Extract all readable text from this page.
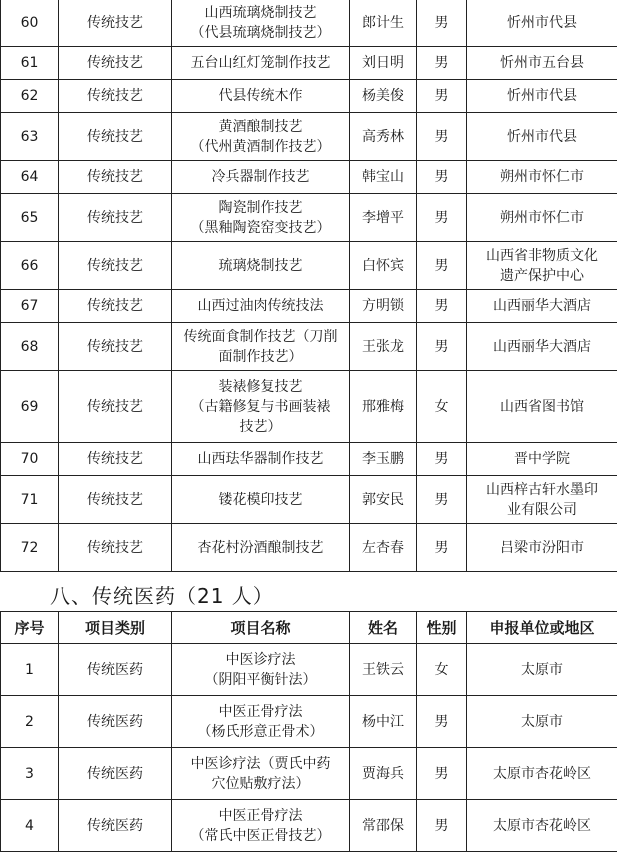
60	传统技艺	山西琉璃烧制技艺
（代县琉璃烧制技艺）	郎计生	男	忻州市代县

61	传统技艺	五台山红灯笼制作技艺	刘日明	男	忻州市五台县

62	传统技艺	代县传统木作	杨美俊	男	忻州市代县

63	传统技艺	黄酒酿制技艺
（代州黄酒制作技艺）	高秀林	男	忻州市代县

64	传统技艺	冷兵器制作技艺	韩宝山	男	朔州市怀仁市

65	传统技艺	陶瓷制作技艺
（黑釉陶瓷窑变技艺）	李增平	男	朔州市怀仁市

66	传统技艺	琉璃烧制技艺	白怀宾	男	山西省非物质文化
遗产保护中心

67	传统技艺	山西过油肉传统技法	方明锁	男	山西丽华大酒店

68	传统技艺	传统面食制作技艺（刀削
面制作技艺）	王张龙	男	山西丽华大酒店

69	传统技艺	装裱修复技艺
（古籍修复与书画装裱
技艺）	邢雅梅	女	山西省图书馆

70	传统技艺	山西珐华器制作技艺	李玉鹏	男	晋中学院

71	传统技艺	镂花模印技艺	郭安民	男	山西梓古轩水墨印
业有限公司

72	传统技艺	杏花村汾酒酿制技艺	左杏春	男	吕梁市汾阳市
八、传统医药（21 人）
序号	项目类别	项目名称	姓名	性别	申报单位或地区
1	传统医药	中医诊疗法
（阴阳平衡针法）	王铁云	女	太原市

2	传统医药	中医正骨疗法
（杨氏形意正骨术）	杨中江	男	太原市

3	传统医药	中医诊疗法（贾氏中药
穴位贴敷疗法）	贾海兵	男	太原市杏花岭区

4	传统医药	中医正骨疗法
（常氏中医正骨技艺）	常邵保	男	太原市杏花岭区
